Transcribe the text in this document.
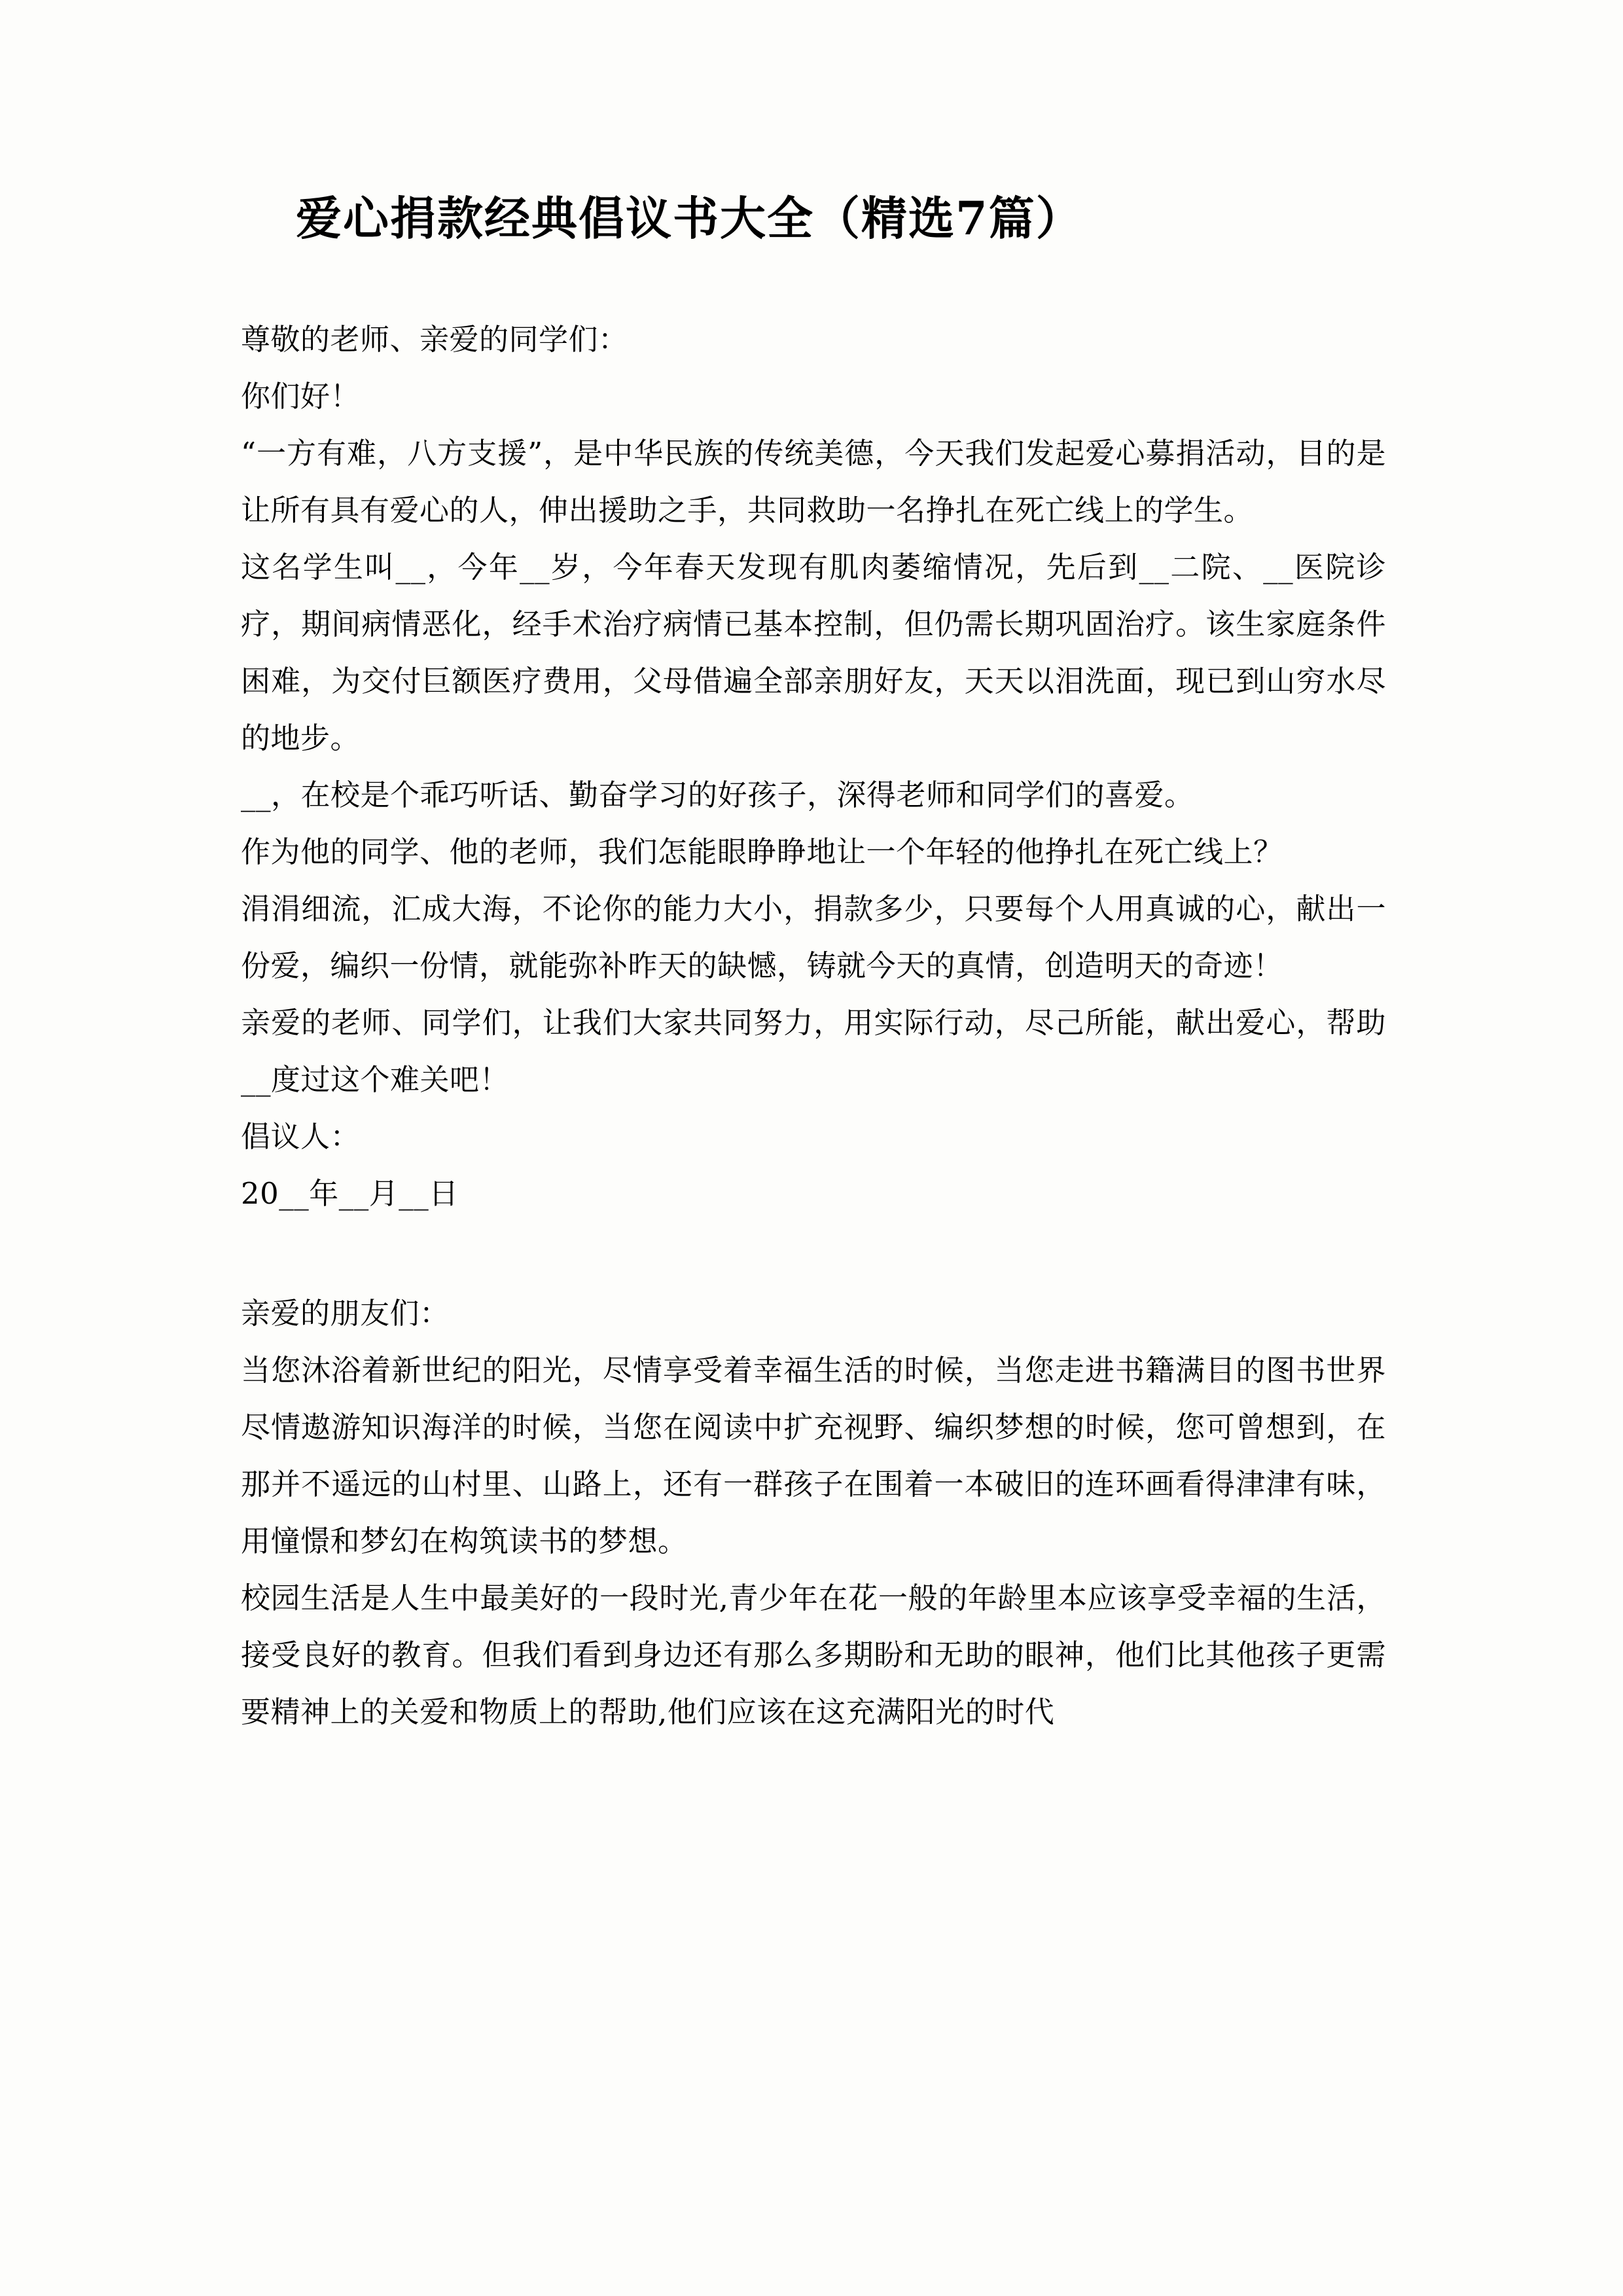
爱心捐款经典倡议书大全（精选7篇）

尊敬的老师、亲爱的同学们：

你们好！

“一方有难，八方支援”，是中华民族的传统美德，今天我们发起爱心募捐活动，目的是让所有具有爱心的人，伸出援助之手，共同救助一名挣扎在死亡线上的学生。

这名学生叫__，今年__岁，今年春天发现有肌肉萎缩情况，先后到__二院、__医院诊疗，期间病情恶化，经手术治疗病情已基本控制，但仍需长期巩固治疗。该生家庭条件困难，为交付巨额医疗费用，父母借遍全部亲朋好友，天天以泪洗面，现已到山穷水尽的地步。

__，在校是个乖巧听话、勤奋学习的好孩子，深得老师和同学们的喜爱。

作为他的同学、他的老师，我们怎能眼睁睁地让一个年轻的他挣扎在死亡线上？

涓涓细流，汇成大海，不论你的能力大小，捐款多少，只要每个人用真诚的心，献出一份爱，编织一份情，就能弥补昨天的缺憾，铸就今天的真情，创造明天的奇迹！

亲爱的老师、同学们，让我们大家共同努力，用实际行动，尽己所能，献出爱心，帮助__度过这个难关吧！

倡议人：

20__年__月__日

亲爱的朋友们：

当您沐浴着新世纪的阳光，尽情享受着幸福生活的时候，当您走进书籍满目的图书世界尽情遨游知识海洋的时候，当您在阅读中扩充视野、编织梦想的时候，您可曾想到，在那并不遥远的山村里、山路上，还有一群孩子在围着一本破旧的连环画看得津津有味，用憧憬和梦幻在构筑读书的梦想。

校园生活是人生中最美好的一段时光,青少年在花一般的年龄里本应该享受幸福的生活，接受良好的教育。但我们看到身边还有那么多期盼和无助的眼神，他们比其他孩子更需要精神上的关爱和物质上的帮助,他们应该在这充满阳光的时代
